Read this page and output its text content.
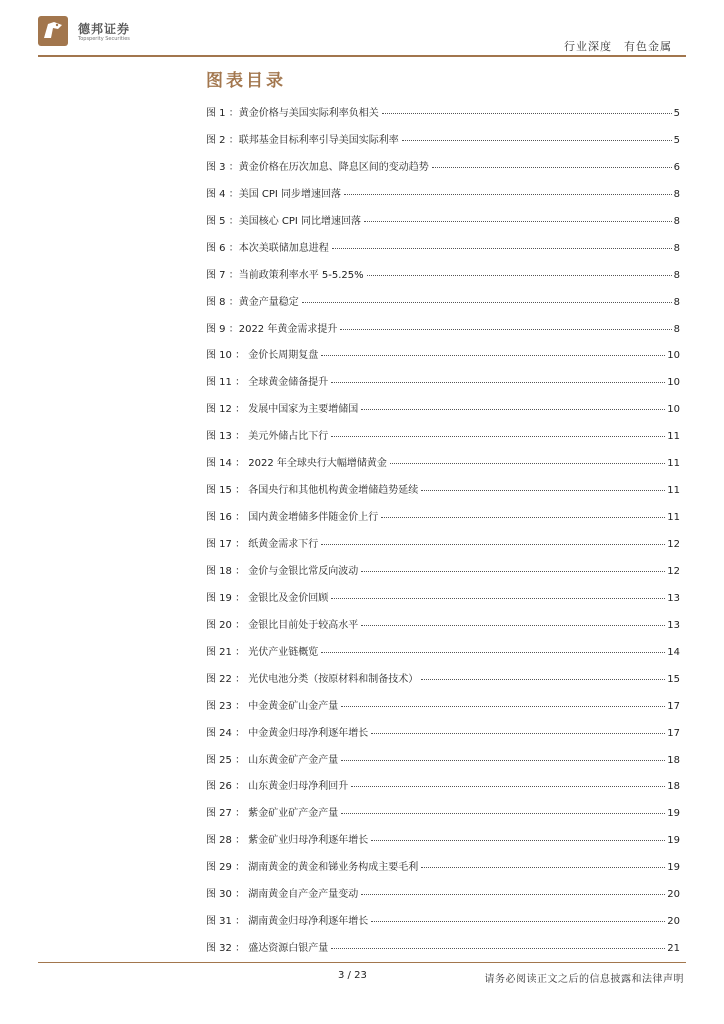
德邦证券
Topsperity Securities
行业深度　有色金属
图表目录
图 1 ：黄金价格与美国实际利率负相关	5
图 2 ：联邦基金目标利率引导美国实际利率	5
图 3 ：黄金价格在历次加息、降息区间的变动趋势	6
图 4 ：美国 CPI 同步增速回落	8
图 5 ：美国核心 CPI 同比增速回落	8
图 6 ：本次美联储加息进程	8
图 7 ：当前政策利率水平 5-5.25%	8
图 8 ：黄金产量稳定	8
图 9 ：2022 年黄金需求提升	8
图 10 ： 金价长周期复盘	10
图 11 ： 全球黄金储备提升	10
图 12 ： 发展中国家为主要增储国	10
图 13 ： 美元外储占比下行	11
图 14 ： 2022 年全球央行大幅增储黄金	11
图 15 ： 各国央行和其他机构黄金增储趋势延续	11
图 16 ： 国内黄金增储多伴随金价上行	11
图 17 ： 纸黄金需求下行	12
图 18 ： 金价与金银比常反向波动	12
图 19 ： 金银比及金价回顾	13
图 20 ： 金银比目前处于较高水平	13
图 21 ： 光伏产业链概览	14
图 22 ： 光伏电池分类（按原材料和制备技术）	15
图 23 ： 中金黄金矿山金产量	17
图 24 ： 中金黄金归母净利逐年增长	17
图 25 ： 山东黄金矿产金产量	18
图 26 ： 山东黄金归母净利回升	18
图 27 ： 紫金矿业矿产金产量	19
图 28 ： 紫金矿业归母净利逐年增长	19
图 29 ： 湖南黄金的黄金和锑业务构成主要毛利	19
图 30 ： 湖南黄金自产金产量变动	20
图 31 ： 湖南黄金归母净利逐年增长	20
图 32 ： 盛达资源白银产量	21
3 / 23	请务必阅读正文之后的信息披露和法律声明
